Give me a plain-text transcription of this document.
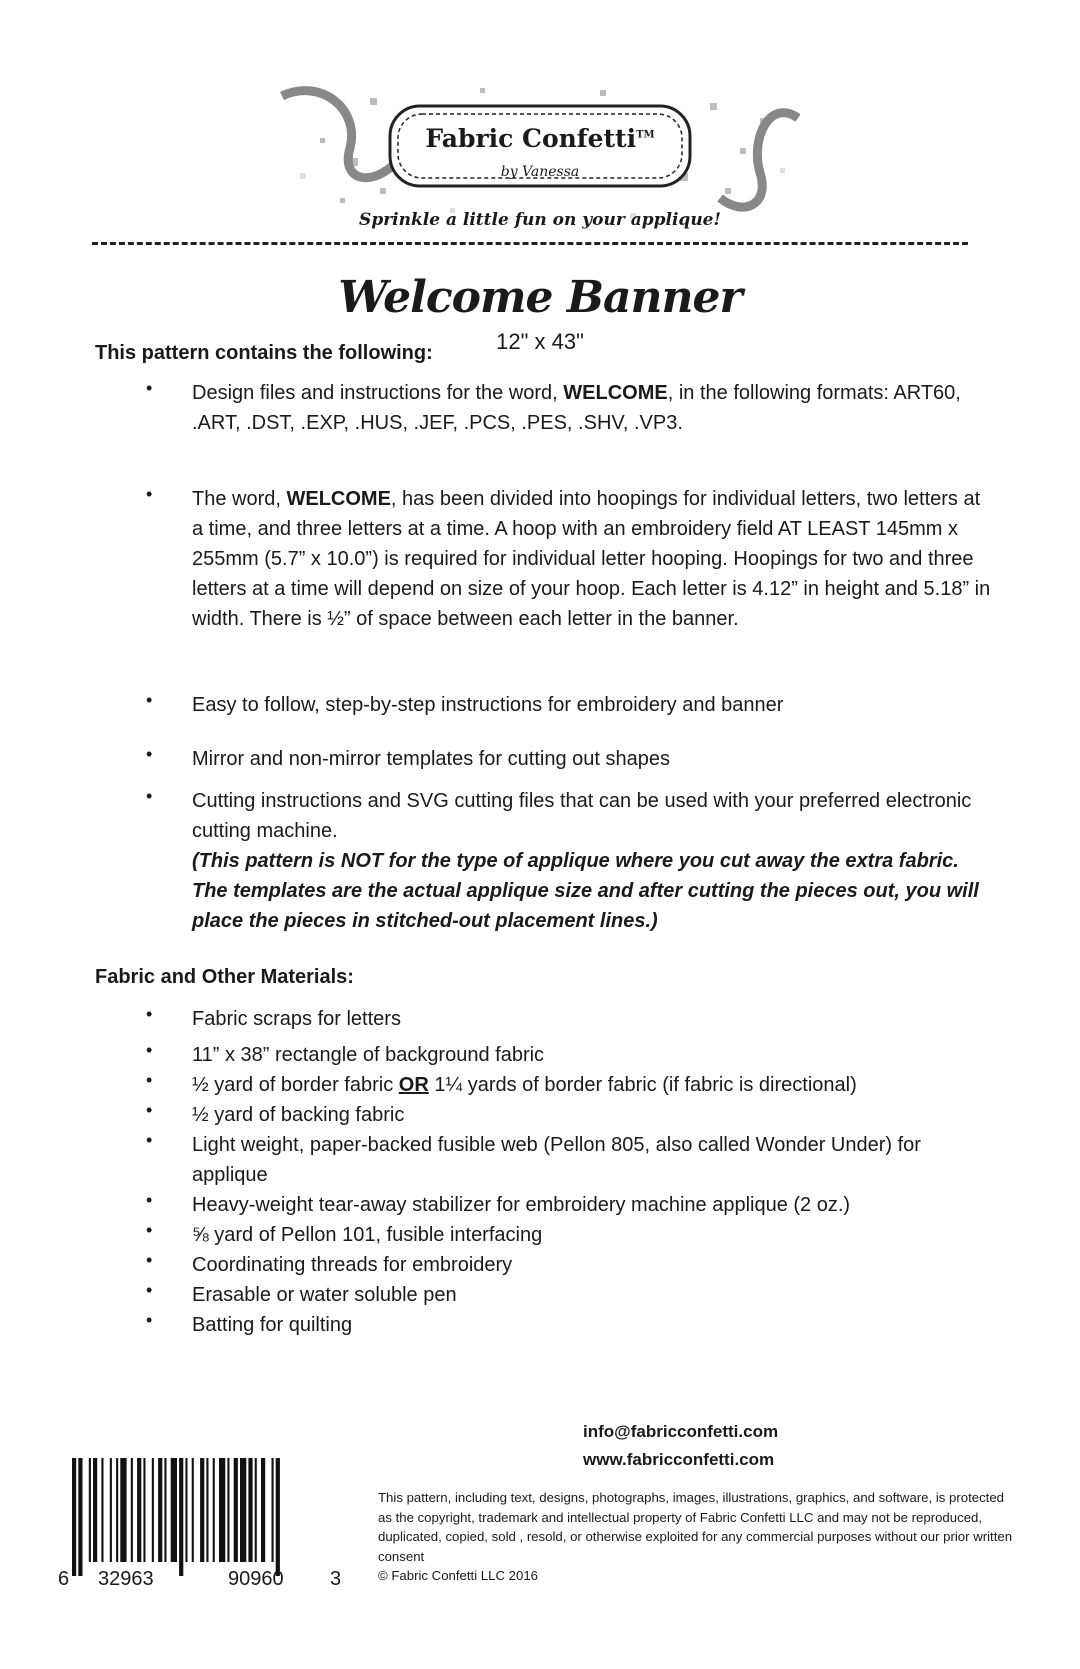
Fabric Confetti™
by Vanessa
Sprinkle a little fun on your applique!
Welcome Banner
12" x 43"
This pattern contains the following:
• Design files and instructions for the word, WELCOME, in the following formats: ART60, .ART, .DST, .EXP, .HUS, .JEF, .PCS, .PES, .SHV, .VP3.
• The word, WELCOME, has been divided into hoopings for individual letters, two letters at a time, and three letters at a time. A hoop with an embroidery field AT LEAST 145mm x 255mm (5.7” x 10.0”) is required for individual letter hooping. Hoopings for two and three letters at a time will depend on size of your hoop. Each letter is 4.12” in height and 5.18” in width. There is ½” of space between each letter in the banner.
• Easy to follow, step-by-step instructions for embroidery and banner
• Mirror and non-mirror templates for cutting out shapes
• Cutting instructions and SVG cutting files that can be used with your preferred electronic cutting machine.
(This pattern is NOT for the type of applique where you cut away the extra fabric. The templates are the actual applique size and after cutting the pieces out, you will place the pieces in stitched-out placement lines.)
Fabric and Other Materials:
• Fabric scraps for letters
• 11” x 38” rectangle of background fabric
• ½ yard of border fabric OR 1¼ yards of border fabric (if fabric is directional)
• ½ yard of backing fabric
• Light weight, paper-backed fusible web (Pellon 805, also called Wonder Under) for applique
• Heavy-weight tear-away stabilizer for embroidery machine applique (2 oz.)
• ⅝ yard of Pellon 101, fusible interfacing
• Coordinating threads for embroidery
• Erasable or water soluble pen
• Batting for quilting
info@fabricconfetti.com
www.fabricconfetti.com
6 32963	90960 3
This pattern, including text, designs, photographs, images, illustrations, graphics, and software, is protected as the copyright, trademark and intellectual property of Fabric Confetti LLC and may not be reproduced, duplicated, copied, sold , resold, or otherwise exploited for any commercial purposes without our prior written consent
© Fabric Confetti LLC 2016
